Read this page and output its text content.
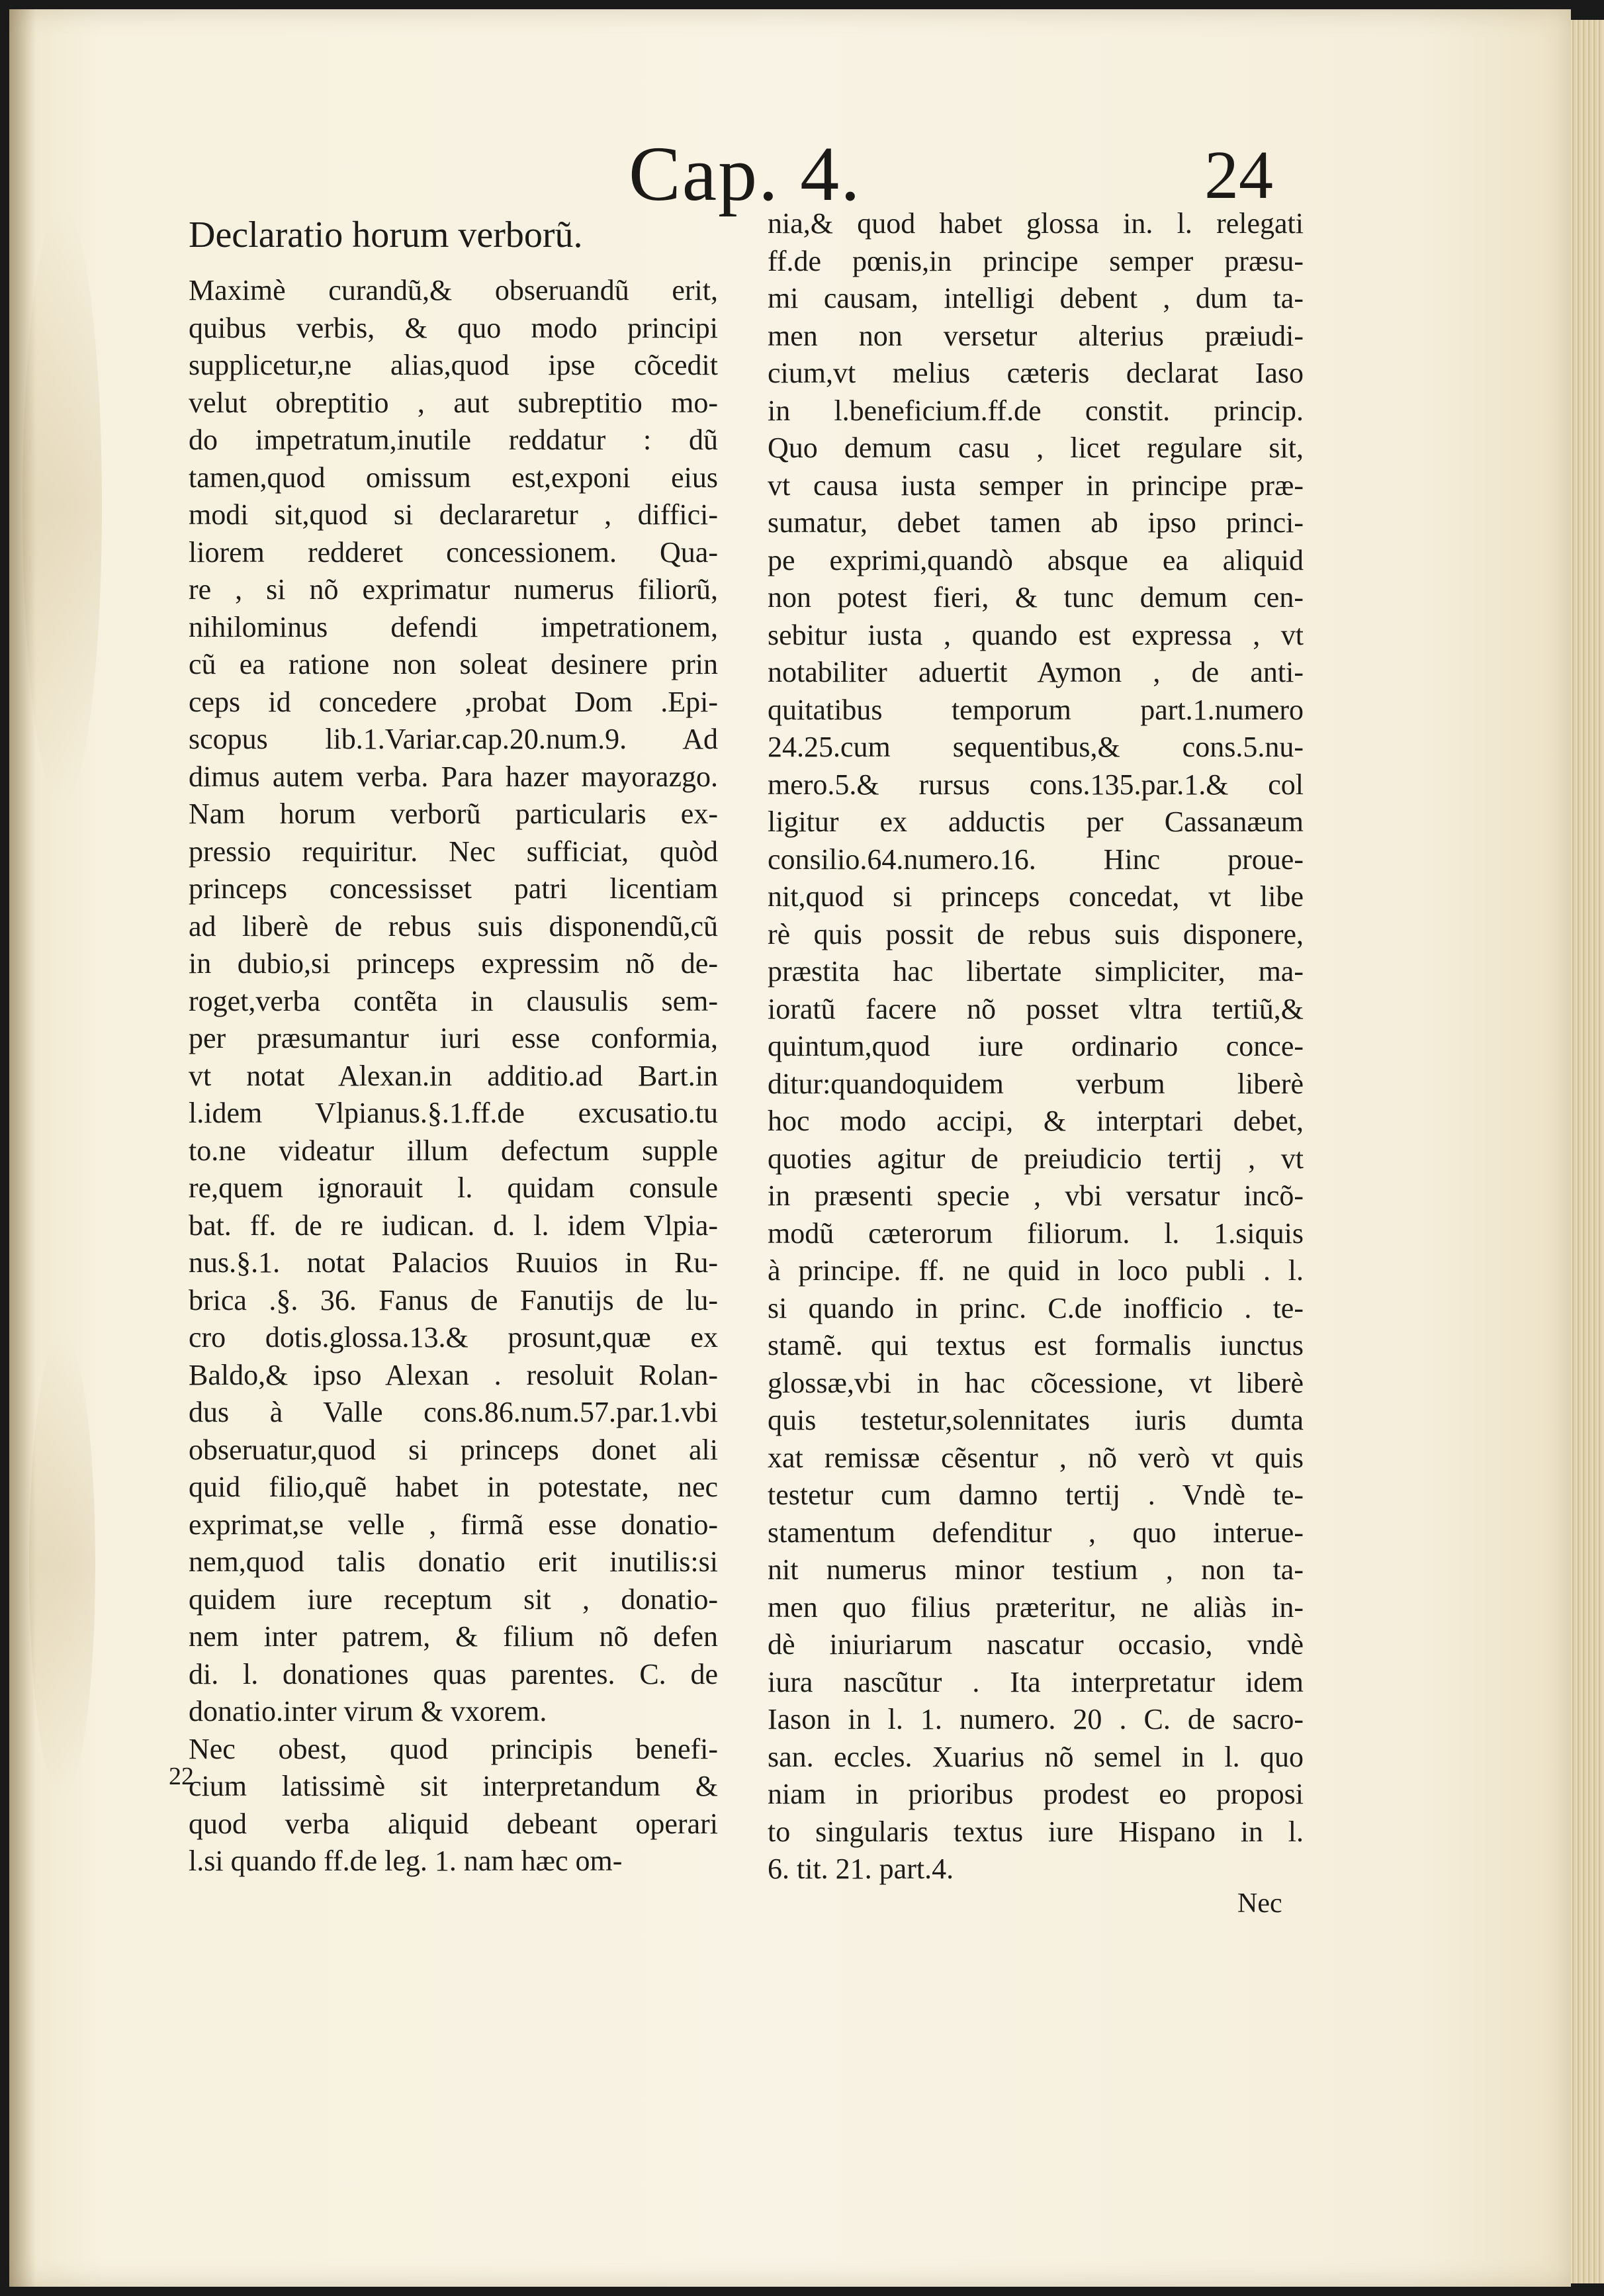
Cap. 4.	24
Declaratio horum verborũ.
Maximè curandũ,& obseruandũ erit,
quibus verbis, & quo modo principi
supplicetur,ne alias,quod ipse cõcedit
velut obreptitio , aut subreptitio mo-
do impetratum,inutile reddatur : dũ
tamen,quod omissum est,exponi eius
modi sit,quod si declararetur , diffici-
liorem redderet concessionem. Qua-
re , si nõ exprimatur numerus filiorũ,
nihilominus defendi impetrationem,
cũ ea ratione non soleat desinere prin
ceps id concedere ,probat Dom .Epi-
scopus lib.1.Variar.cap.20.num.9. Ad
dimus autem verba. Para hazer mayorazgo.
Nam horum verborũ particularis ex-
pressio requiritur. Nec sufficiat, quòd
princeps concessisset patri licentiam
ad liberè de rebus suis disponendũ,cũ
in dubio,si princeps expressim nõ de-
roget,verba contẽta in clausulis sem-
per præsumantur iuri esse conformia,
vt notat Alexan.in additio.ad Bart.in
l.idem Vlpianus.§.1.ff.de excusatio.tu
to.ne videatur illum defectum supple
re,quem ignorauit l. quidam consule
bat. ff. de re iudican. d. l. idem Vlpia-
nus.§.1. notat Palacios Ruuios in Ru-
brica .§. 36. Fanus de Fanutijs de lu-
cro dotis.glossa.13.& prosunt,quæ ex
Baldo,& ipso Alexan . resoluit Rolan-
dus à Valle cons.86.num.57.par.1.vbi
obseruatur,quod si princeps donet ali
quid filio,quẽ habet in potestate, nec
exprimat,se velle , firmã esse donatio-
nem,quod talis donatio erit inutilis:si
quidem iure receptum sit , donatio-
nem inter patrem, & filium nõ defen
di. l. donationes quas parentes. C. de
donatio.inter virum & vxorem.
Nec obest, quod principis benefi-
cium latissimè sit interpretandum &
quod verba aliquid debeant operari
l.si quando ff.de leg. 1. nam hæc om-
22
nia,& quod habet glossa in. l. relegati
ff.de pœnis,in principe semper præsu-
mi causam, intelligi debent , dum ta-
men non versetur alterius præiudi-
cium,vt melius cæteris declarat Iaso
in l.beneficium.ff.de constit. princip.
Quo demum casu , licet regulare sit,
vt causa iusta semper in principe præ-
sumatur, debet tamen ab ipso princi-
pe exprimi,quandò absque ea aliquid
non potest fieri, & tunc demum cen-
sebitur iusta , quando est expressa , vt
notabiliter aduertit Aymon , de anti-
quitatibus temporum part.1.numero
24.25.cum sequentibus,& cons.5.nu-
mero.5.& rursus cons.135.par.1.& col
ligitur ex adductis per Cassanæum
consilio.64.numero.16. Hinc proue-
nit,quod si princeps concedat, vt libe
rè quis possit de rebus suis disponere,
præstita hac libertate simpliciter, ma-
ioratũ facere nõ posset vltra tertiũ,&
quintum,quod iure ordinario conce-
ditur:quandoquidem verbum liberè
hoc modo accipi, & interptari debet,
quoties agitur de preiudicio tertij , vt
in præsenti specie , vbi versatur incõ-
modũ cæterorum filiorum. l. 1.siquis
à principe. ff. ne quid in loco publi . l.
si quando in princ. C.de inofficio . te-
stamẽ. qui textus est formalis iunctus
glossæ,vbi in hac cõcessione, vt liberè
quis testetur,solennitates iuris dumta
xat remissæ cẽsentur , nõ verò vt quis
testetur cum damno tertij . Vndè te-
stamentum defenditur , quo interue-
nit numerus minor testium , non ta-
men quo filius præteritur, ne aliàs in-
dè iniuriarum nascatur occasio, vndè
iura nascũtur . Ita interpretatur idem
Iason in l. 1. numero. 20 . C. de sacro-
san. eccles. Xuarius nõ semel in l. quo
niam in prioribus prodest eo proposi
to singularis textus iure Hispano in l.
6. tit. 21. part.4.
Nec
